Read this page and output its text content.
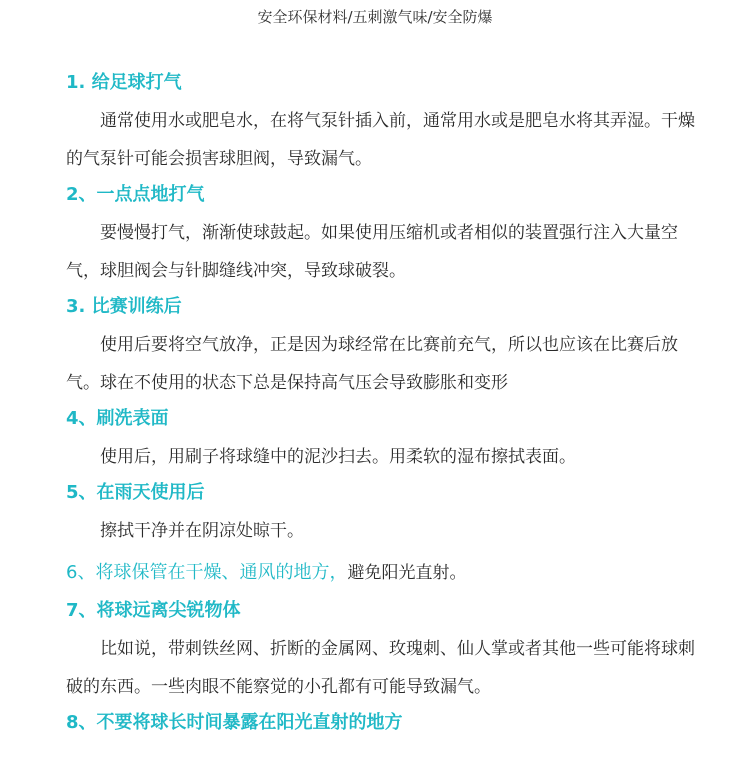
安全环保材料/五刺激气味/安全防爆
1. 给足球打气

通常使用水或肥皂水，在将气泵针插入前，通常用水或是肥皂水将其弄湿。干燥的气泵针可能会损害球胆阀，导致漏气。

2、一点点地打气

要慢慢打气，渐渐使球鼓起。如果使用压缩机或者相似的装置强行注入大量空气，球胆阀会与针脚缝线冲突，导致球破裂。

3. 比赛训练后

使用后要将空气放净，正是因为球经常在比赛前充气，所以也应该在比赛后放气。球在不使用的状态下总是保持高气压会导致膨胀和变形

4、刷洗表面

使用后，用刷子将球缝中的泥沙扫去。用柔软的湿布擦拭表面。

5、在雨天使用后

擦拭干净并在阴凉处晾干。

6、将球保管在干燥、通风的地方，避免阳光直射。

7、将球远离尖锐物体

比如说，带刺铁丝网、折断的金属网、玫瑰刺、仙人掌或者其他一些可能将球刺破的东西。一些肉眼不能察觉的小孔都有可能导致漏气。

8、不要将球长时间暴露在阳光直射的地方
